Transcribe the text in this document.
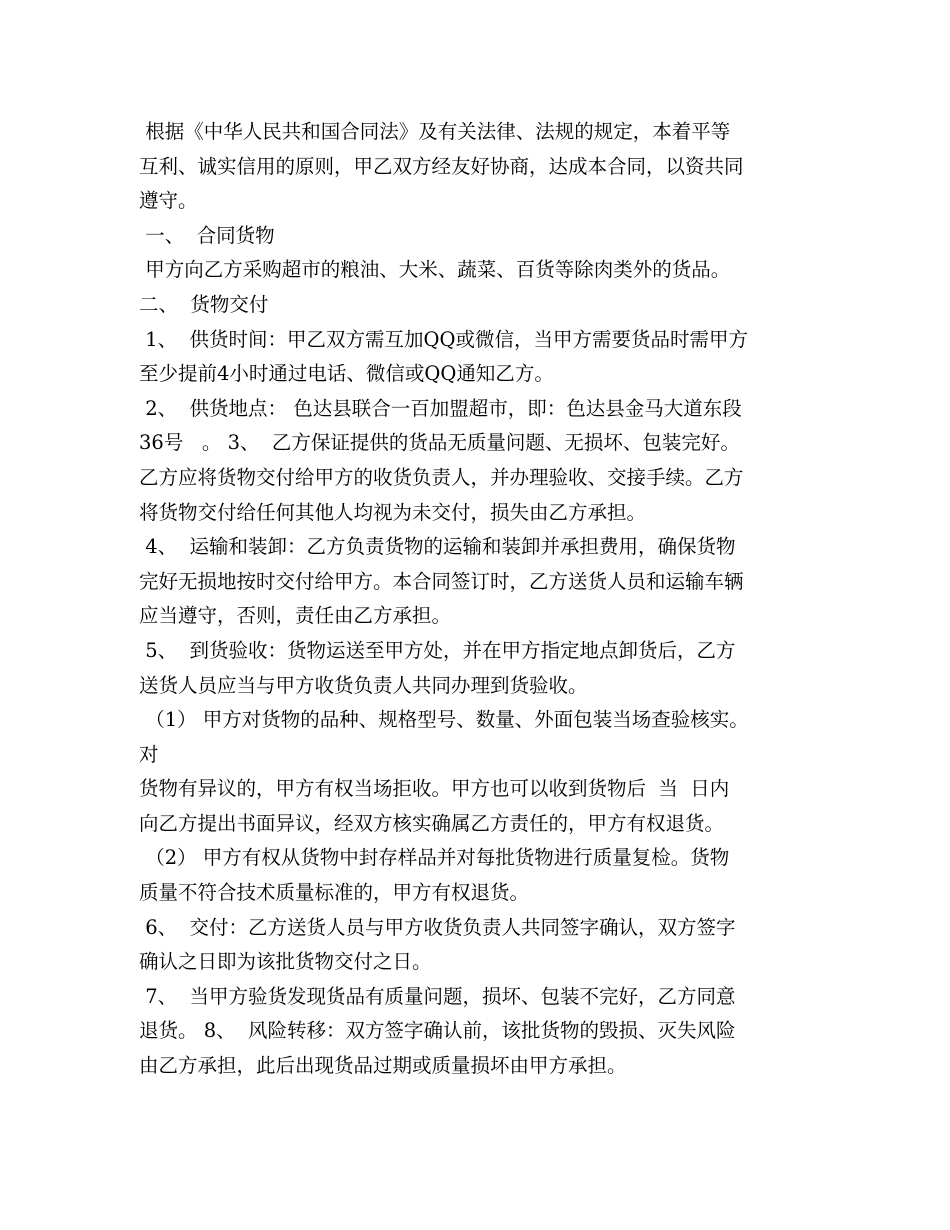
根据《中华人民共和国合同法》及有关法律、法规的规定，本着平等

互利、诚实信用的原则，甲乙双方经友好协商，达成本合同，以资共同

遵守。

一、  合同货物

甲方向乙方采购超市的粮油、大米、蔬菜、百货等除肉类外的货品。

二、  货物交付

1、  供货时间：甲乙双方需互加QQ或微信，当甲方需要货品时需甲方

至少提前4小时通过电话、微信或QQ通知乙方。

2、  供货地点： 色达县联合一百加盟超市，即：色达县金马大道东段

36号   。 3、  乙方保证提供的货品无质量问题、无损坏、包装完好。

乙方应将货物交付给甲方的收货负责人，并办理验收、交接手续。乙方

将货物交付给任何其他人均视为未交付，损失由乙方承担。

4、  运输和装卸：乙方负责货物的运输和装卸并承担费用，确保货物

完好无损地按时交付给甲方。本合同签订时，乙方送货人员和运输车辆

应当遵守，否则，责任由乙方承担。

5、  到货验收：货物运送至甲方处，并在甲方指定地点卸货后，乙方

送货人员应当与甲方收货负责人共同办理到货验收。

（1） 甲方对货物的品种、规格型号、数量、外面包装当场查验核实。

对

货物有异议的，甲方有权当场拒收。甲方也可以收到货物后  当  日内

向乙方提出书面异议，经双方核实确属乙方责任的，甲方有权退货。

（2） 甲方有权从货物中封存样品并对每批货物进行质量复检。货物

质量不符合技术质量标准的，甲方有权退货。

6、  交付：乙方送货人员与甲方收货负责人共同签字确认，双方签字

确认之日即为该批货物交付之日。

7、  当甲方验货发现货品有质量问题，损坏、包装不完好，乙方同意

退货。 8、  风险转移：双方签字确认前，该批货物的毁损、灭失风险

由乙方承担，此后出现货品过期或质量损坏由甲方承担。
